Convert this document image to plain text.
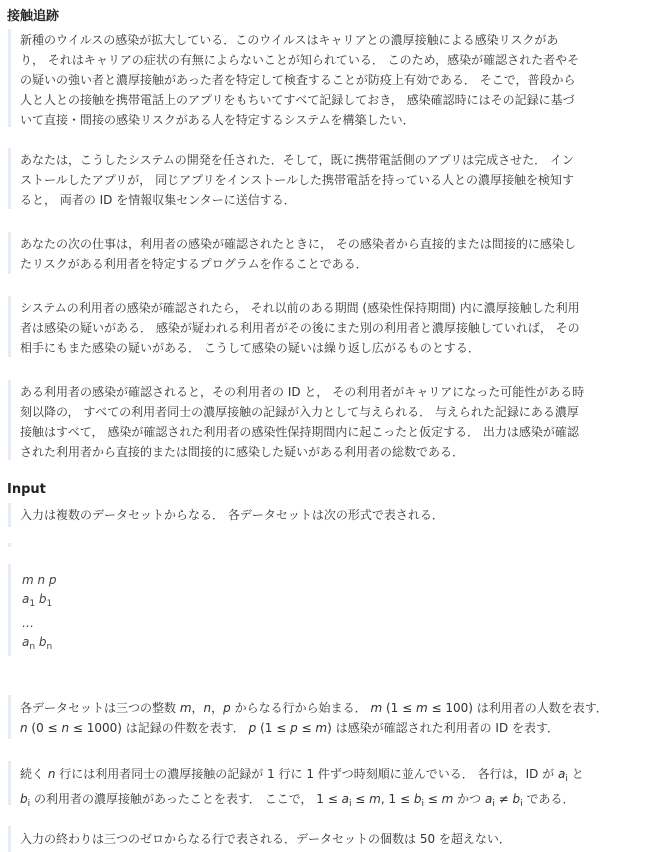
接触追跡
新種のウイルスの感染が拡大している．このウイルスはキャリアとの濃厚接触による感染リスクがあ
り， それはキャリアの症状の有無によらないことが知られている． このため，感染が確認された者やそ
の疑いの強い者と濃厚接触があった者を特定して検査することが防疫上有効である． そこで，普段から
人と人との接触を携帯電話上のアプリをもちいてすべて記録しておき， 感染確認時にはその記録に基づ
いて直接・間接の感染リスクがある人を特定するシステムを構築したい．
あなたは，こうしたシステムの開発を任された．そして，既に携帯電話側のアプリは完成させた． イン
ストールしたアプリが， 同じアプリをインストールした携帯電話を持っている人との濃厚接触を検知す
ると， 両者の ID を情報収集センターに送信する．
あなたの次の仕事は，利用者の感染が確認されたときに， その感染者から直接的または間接的に感染し
たリスクがある利用者を特定するプログラムを作ることである．
システムの利用者の感染が確認されたら， それ以前のある期間 (感染性保持期間) 内に濃厚接触した利用
者は感染の疑いがある． 感染が疑われる利用者がその後にまた別の利用者と濃厚接触していれば， その
相手にもまた感染の疑いがある． こうして感染の疑いは繰り返し広がるものとする．
ある利用者の感染が確認されると，その利用者の ID と， その利用者がキャリアになった可能性がある時
刻以降の， すべての利用者同士の濃厚接触の記録が入力として与えられる． 与えられた記録にある濃厚
接触はすべて， 感染が確認された利用者の感染性保持期間内に起こったと仮定する． 出力は感染が確認
された利用者から直接的または間接的に感染した疑いがある利用者の総数である．
Input
入力は複数のデータセットからなる． 各データセットは次の形式で表される．
m n p
$a_1$ $b_1$
…
$a_n$ $b_n$
各データセットは三つの整数 m，n，p からなる行から始まる． m (1 ≤ m ≤ 100) は利用者の人数を表す．
n (0 ≤ n ≤ 1000) は記録の件数を表す． p (1 ≤ p ≤ m) は感染が確認された利用者の ID を表す．
続く n 行には利用者同士の濃厚接触の記録が 1 行に 1 件ずつ時刻順に並んでいる． 各行は，ID が $a_i$ と
$b_i$ の利用者の濃厚接触があったことを表す． ここで， $1 \le a_i \le m$, $1 \le b_i \le m$ かつ $a_i \ne b_i$ である．
入力の終わりは三つのゼロからなる行で表される．データセットの個数は 50 を超えない．
